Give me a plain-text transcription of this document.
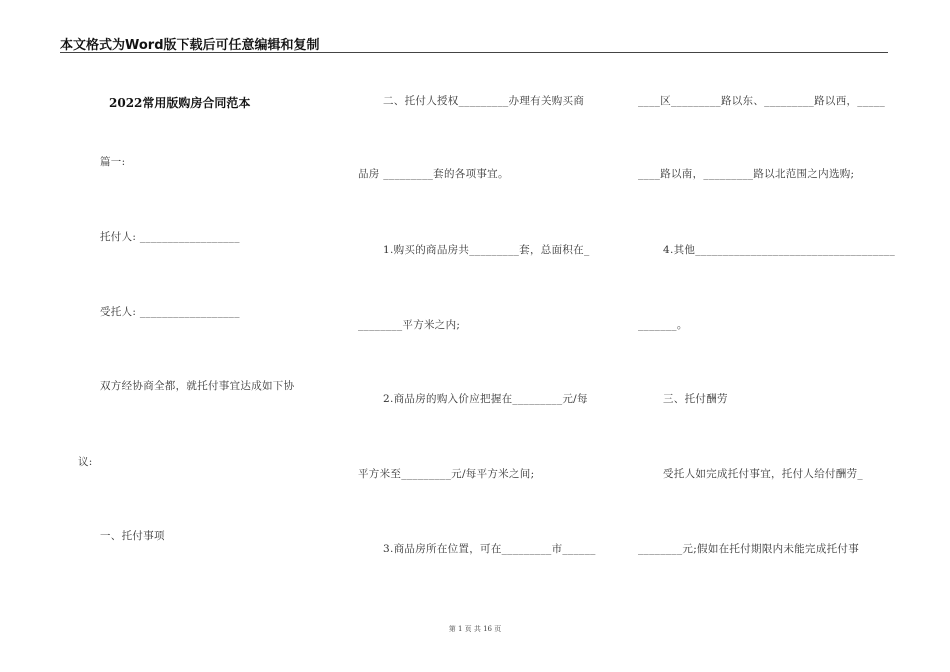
本文格式为Word版下载后可任意编辑和复制
2022常用版购房合同范本
篇一:
托付人: __________________
受托人: __________________
双方经协商全都，就托付事宜达成如下协
议:
一、托付事项
二、托付人授权_________办理有关购买商
品房 _________套的各项事宜。
1.购买的商品房共_________套，总面积在_
________平方米之内;
2.商品房的购入价应把握在_________元/每
平方米至_________元/每平方米之间;
3.商品房所在位置，可在_________市______
____区_________路以东、_________路以西，_____
____路以南，_________路以北范围之内选购;
4.其他____________________________________
_______。
三、托付酬劳
受托人如完成托付事宜，托付人给付酬劳_
________元;假如在托付期限内未能完成托付事
第 1 页 共 16 页
